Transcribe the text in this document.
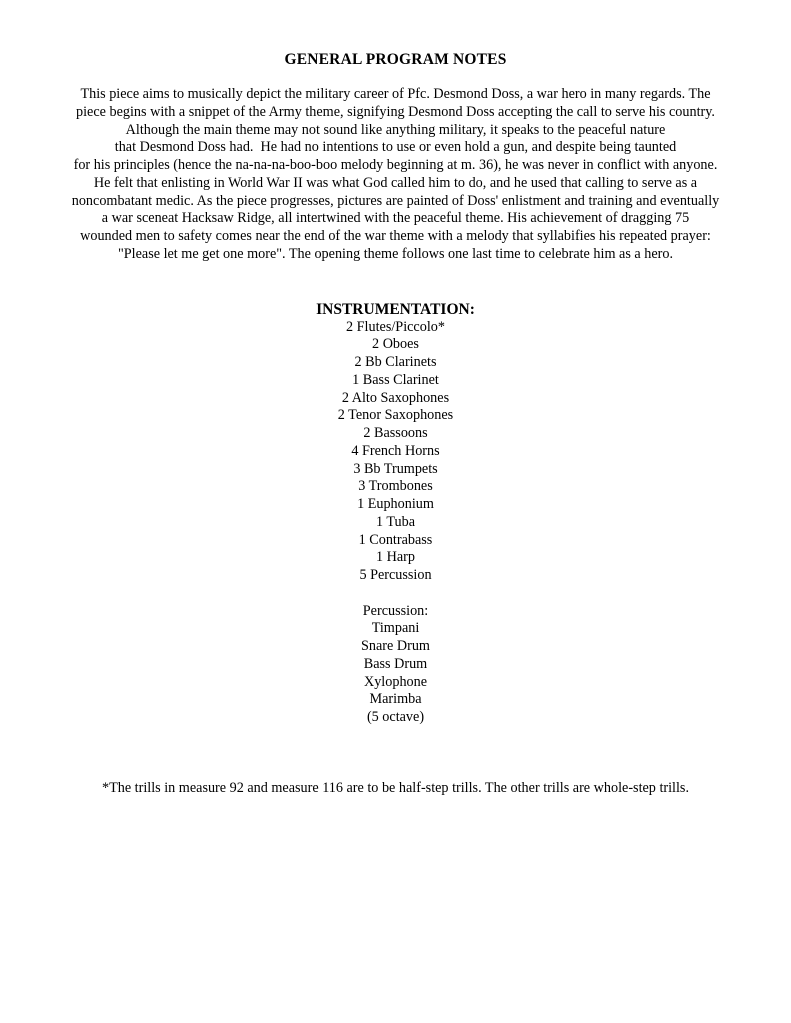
GENERAL PROGRAM NOTES
This piece aims to musically depict the military career of Pfc. Desmond Doss, a war hero in many regards. The
piece begins with a snippet of the Army theme, signifying Desmond Doss accepting the call to serve his country.
Although the main theme may not sound like anything military, it speaks to the peaceful nature
that Desmond Doss had.  He had no intentions to use or even hold a gun, and despite being taunted
for his principles (hence the na-na-na-boo-boo melody beginning at m. 36), he was never in conflict with anyone.
He felt that enlisting in World War II was what God called him to do, and he used that calling to serve as a
noncombatant medic. As the piece progresses, pictures are painted of Doss' enlistment and training and eventually
a war sceneat Hacksaw Ridge, all intertwined with the peaceful theme. His achievement of dragging 75
wounded men to safety comes near the end of the war theme with a melody that syllabifies his repeated prayer:
"Please let me get one more". The opening theme follows one last time to celebrate him as a hero.
INSTRUMENTATION:
2 Flutes/Piccolo*
2 Oboes
2 Bb Clarinets
1 Bass Clarinet
2 Alto Saxophones
2 Tenor Saxophones
2 Bassoons
4 French Horns
3 Bb Trumpets
3 Trombones
1 Euphonium
1 Tuba
1 Contrabass
1 Harp
5 Percussion
Percussion:
Timpani
Snare Drum
Bass Drum
Xylophone
Marimba
(5 octave)
*The trills in measure 92 and measure 116 are to be half-step trills. The other trills are whole-step trills.
